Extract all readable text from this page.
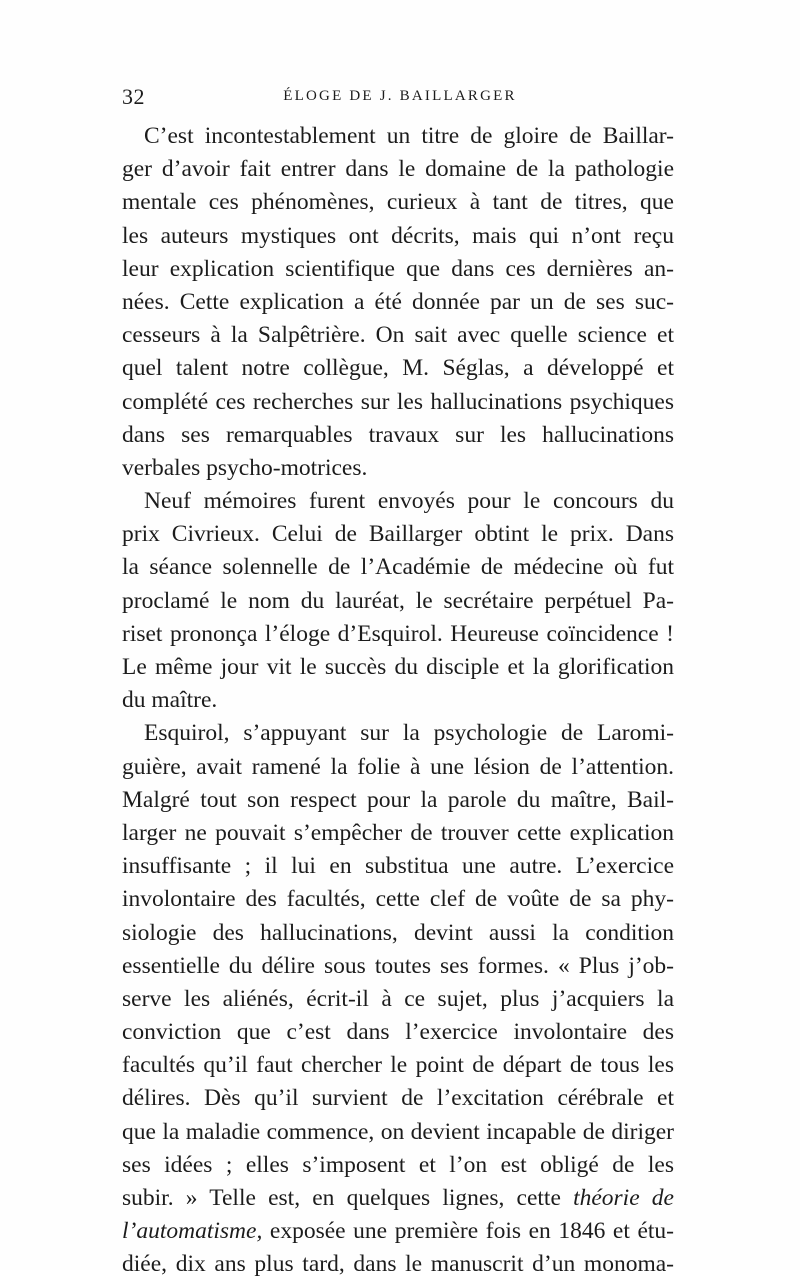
32	ÉLOGE DE J. BAILLARGER
C’est incontestablement un titre de gloire de Baillar-
ger d’avoir fait entrer dans le domaine de la pathologie
mentale ces phénomènes, curieux à tant de titres, que
les auteurs mystiques ont décrits, mais qui n’ont reçu
leur explication scientifique que dans ces dernières an-
nées. Cette explication a été donnée par un de ses suc-
cesseurs à la Salpêtrière. On sait avec quelle science et
quel talent notre collègue, M. Séglas, a développé et
complété ces recherches sur les hallucinations psychiques
dans ses remarquables travaux sur les hallucinations
verbales psycho-motrices.
Neuf mémoires furent envoyés pour le concours du
prix Civrieux. Celui de Baillarger obtint le prix. Dans
la séance solennelle de l’Académie de médecine où fut
proclamé le nom du lauréat, le secrétaire perpétuel Pa-
riset prononça l’éloge d’Esquirol. Heureuse coïncidence !
Le même jour vit le succès du disciple et la glorification
du maître.
Esquirol, s’appuyant sur la psychologie de Laromi-
guière, avait ramené la folie à une lésion de l’attention.
Malgré tout son respect pour la parole du maître, Bail-
larger ne pouvait s’empêcher de trouver cette explication
insuffisante ; il lui en substitua une autre. L’exercice
involontaire des facultés, cette clef de voûte de sa phy-
siologie des hallucinations, devint aussi la condition
essentielle du délire sous toutes ses formes. « Plus j’ob-
serve les aliénés, écrit-il à ce sujet, plus j’acquiers la
conviction que c’est dans l’exercice involontaire des
facultés qu’il faut chercher le point de départ de tous les
délires. Dès qu’il survient de l’excitation cérébrale et
que la maladie commence, on devient incapable de diriger
ses idées ; elles s’imposent et l’on est obligé de les
subir. » Telle est, en quelques lignes, cette théorie de
l’automatisme, exposée une première fois en 1846 et étu-
diée, dix ans plus tard, dans le manuscrit d’un monoma-
